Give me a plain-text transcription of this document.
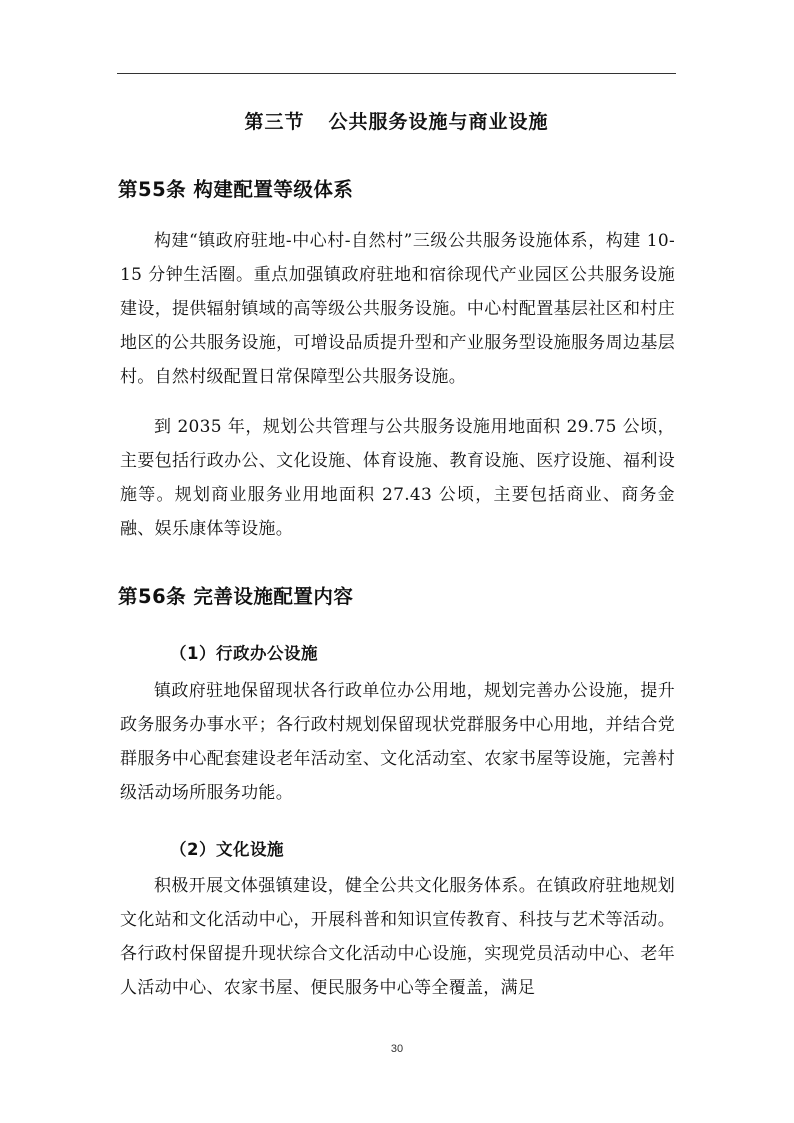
第三节 公共服务设施与商业设施
第55条 构建配置等级体系
构建“镇政府驻地-中心村-自然村”三级公共服务设施体系，构建 10-15 分钟生活圈。重点加强镇政府驻地和宿徐现代产业园区公共服务设施建设，提供辐射镇域的高等级公共服务设施。中心村配置基层社区和村庄地区的公共服务设施，可增设品质提升型和产业服务型设施服务周边基层村。自然村级配置日常保障型公共服务设施。
到 2035 年，规划公共管理与公共服务设施用地面积 29.75 公顷，主要包括行政办公、文化设施、体育设施、教育设施、医疗设施、福利设施等。规划商业服务业用地面积 27.43 公顷，主要包括商业、商务金融、娱乐康体等设施。
第56条 完善设施配置内容
（1）行政办公设施
镇政府驻地保留现状各行政单位办公用地，规划完善办公设施，提升政务服务办事水平；各行政村规划保留现状党群服务中心用地，并结合党群服务中心配套建设老年活动室、文化活动室、农家书屋等设施，完善村级活动场所服务功能。
（2）文化设施
积极开展文体强镇建设，健全公共文化服务体系。在镇政府驻地规划文化站和文化活动中心，开展科普和知识宣传教育、科技与艺术等活动。各行政村保留提升现状综合文化活动中心设施，实现党员活动中心、老年人活动中心、农家书屋、便民服务中心等全覆盖，满足
30
